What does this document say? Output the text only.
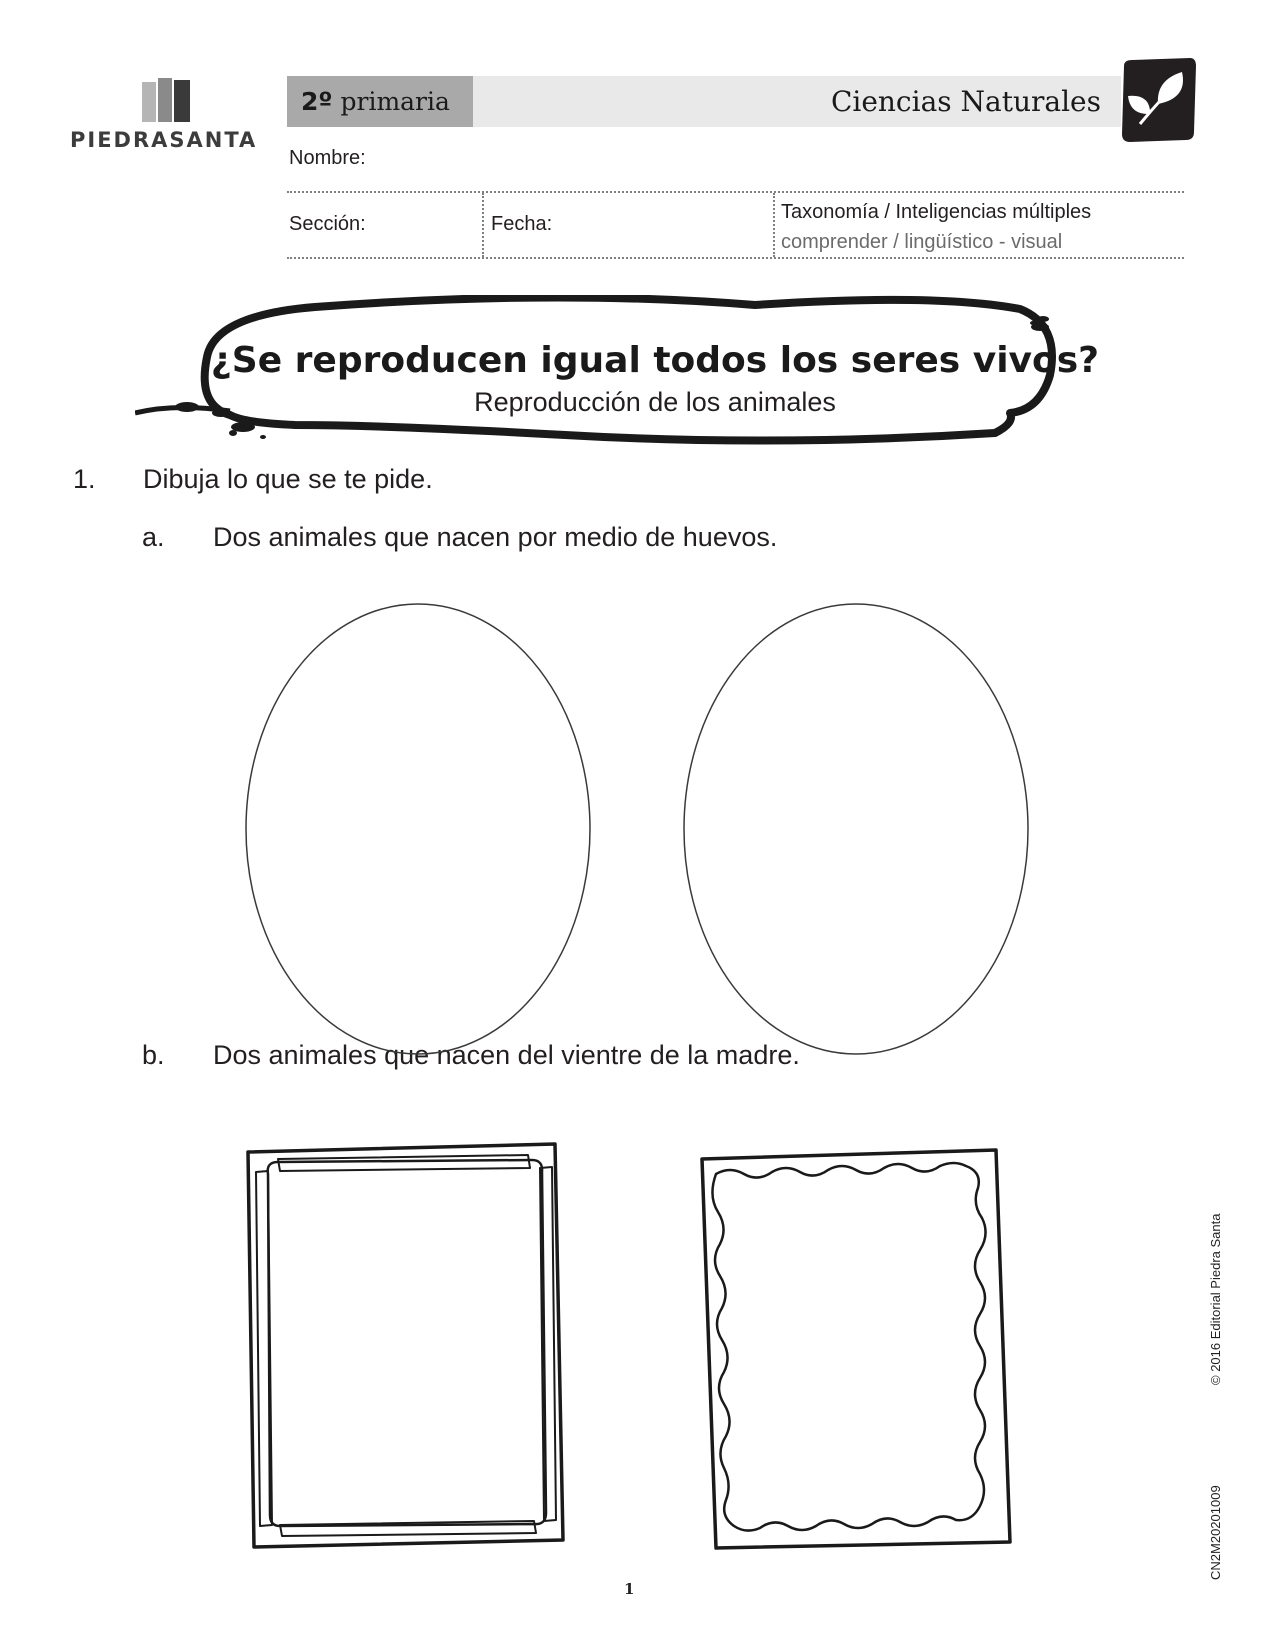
PIEDRASANTA
2º primaria	Ciencias Naturales
Nombre:
Sección:	Fecha:
Taxonomía / Inteligencias múltiples
comprender / lingüístico - visual
¿Se reproducen igual todos los seres vivos?
Reproducción de los animales
1. Dibuja lo que se te pide.
a. Dos animales que nacen por medio de huevos.
b. Dos animales que nacen del vientre de la madre.
© 2016 Editorial Piedra Santa
CN2M20201009
1
